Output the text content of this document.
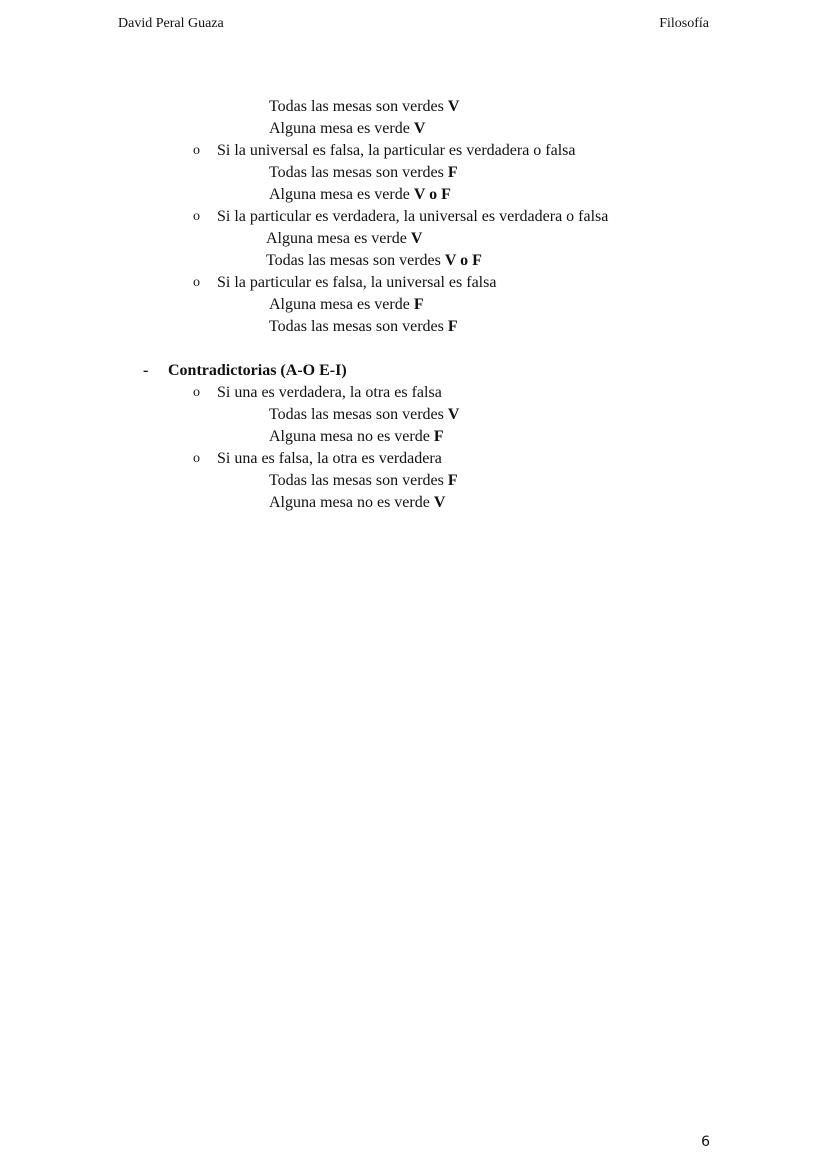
David Peral Guaza	Filosofía
Todas las mesas son verdes V
Alguna mesa es verde V
o Si la universal es falsa, la particular es verdadera o falsa
Todas las mesas son verdes F
Alguna mesa es verde V o F
o Si la particular es verdadera, la universal es verdadera o falsa
Alguna mesa es verde V
Todas las mesas son verdes V o F
o Si la particular es falsa, la universal es falsa
Alguna mesa es verde F
Todas las mesas son verdes F
- Contradictorias (A-O E-I)
o Si una es verdadera, la otra es falsa
Todas las mesas son verdes V
Alguna mesa no es verde F
o Si una es falsa, la otra es verdadera
Todas las mesas son verdes F
Alguna mesa no es verde V
6
